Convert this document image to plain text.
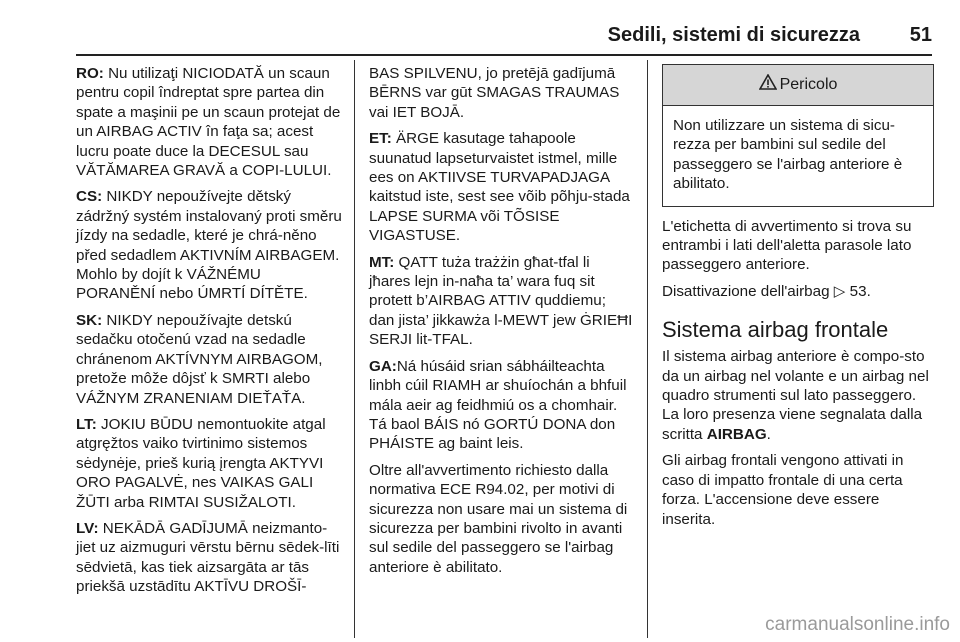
Sedili, sistemi di sicurezza 51

RO: Nu utilizaţi NICIODATĂ un scaun pentru copil îndreptat spre partea din spate a maşinii pe un scaun protejat de un AIRBAG ACTIV în faţa sa; acest lucru poate duce la DECESUL sau VĂTĂMAREA GRAVĂ a COPI-LULUI.

CS: NIKDY nepoužívejte dětský zádržný systém instalovaný proti směru jízdy na sedadle, které je chrá-něno před sedadlem AKTIVNÍM AIRBAGEM. Mohlo by dojít k VÁŽNÉMU PORANĚNÍ nebo ÚMRTÍ DÍTĚTE.

SK: NIKDY nepoužívajte detskú sedačku otočenú vzad na sedadle chránenom AKTÍVNYM AIRBAGOM, pretože môže dôjsť k SMRTI alebo VÁŽNYM ZRANENIAM DIEŤAŤA.

LT: JOKIU BŪDU nemontuokite atgal atgręžtos vaiko tvirtinimo sistemos sėdynėje, prieš kurią įrengta AKTYVI ORO PAGALVĖ, nes VAIKAS GALI ŽŪTI arba RIMTAI SUSIŽALOTI.

LV: NEKĀDĀ GADĪJUMĀ neizmanto-jiet uz aizmuguri vērstu bērnu sēdek-līti sēdvietā, kas tiek aizsargāta ar tās priekšā uzstādītu AKTĪVU DROŠĪ-

BAS SPILVENU, jo pretējā gadījumā BĒRNS var gūt SMAGAS TRAUMAS vai IET BOJĀ.

ET: ÄRGE kasutage tahapoole suunatud lapseturvaistet istmel, mille ees on AKTIIVSE TURVAPADJAGA kaitstud iste, sest see võib põhju-stada LAPSE SURMA või TÕSISE VIGASTUSE.

MT: QATT tuża trażżin għat-tfal li jħares lejn in-naħa ta’ wara fuq sit protett b’AIRBAG ATTIV quddiemu; dan jista’ jikkawża l-MEWT jew ĠRIEĦI SERJI lit-TFAL.

GA:Ná húsáid srian sábháilteachta linbh cúil RIAMH ar shuíochán a bhfuil mála aeir ag feidhmiú os a chomhair. Tá baol BÁIS nó GORTÚ DONA don PHÁISTE ag baint leis.

Oltre all'avvertimento richiesto dalla normativa ECE R94.02, per motivi di sicurezza non usare mai un sistema di sicurezza per bambini rivolto in avanti sul sedile del passeggero se l'airbag anteriore è abilitato.

Pericolo
Non utilizzare un sistema di sicu-rezza per bambini sul sedile del passeggero se l'airbag anteriore è abilitato.

L'etichetta di avvertimento si trova su entrambi i lati dell'aletta parasole lato passeggero anteriore.

Disattivazione dell'airbag ▷ 53.

Sistema airbag frontale

Il sistema airbag anteriore è compo-sto da un airbag nel volante e un airbag nel quadro strumenti sul lato passeggero. La loro presenza viene segnalata dalla scritta AIRBAG.

Gli airbag frontali vengono attivati in caso di impatto frontale di una certa forza. L'accensione deve essere inserita.

carmanualsonline.info
